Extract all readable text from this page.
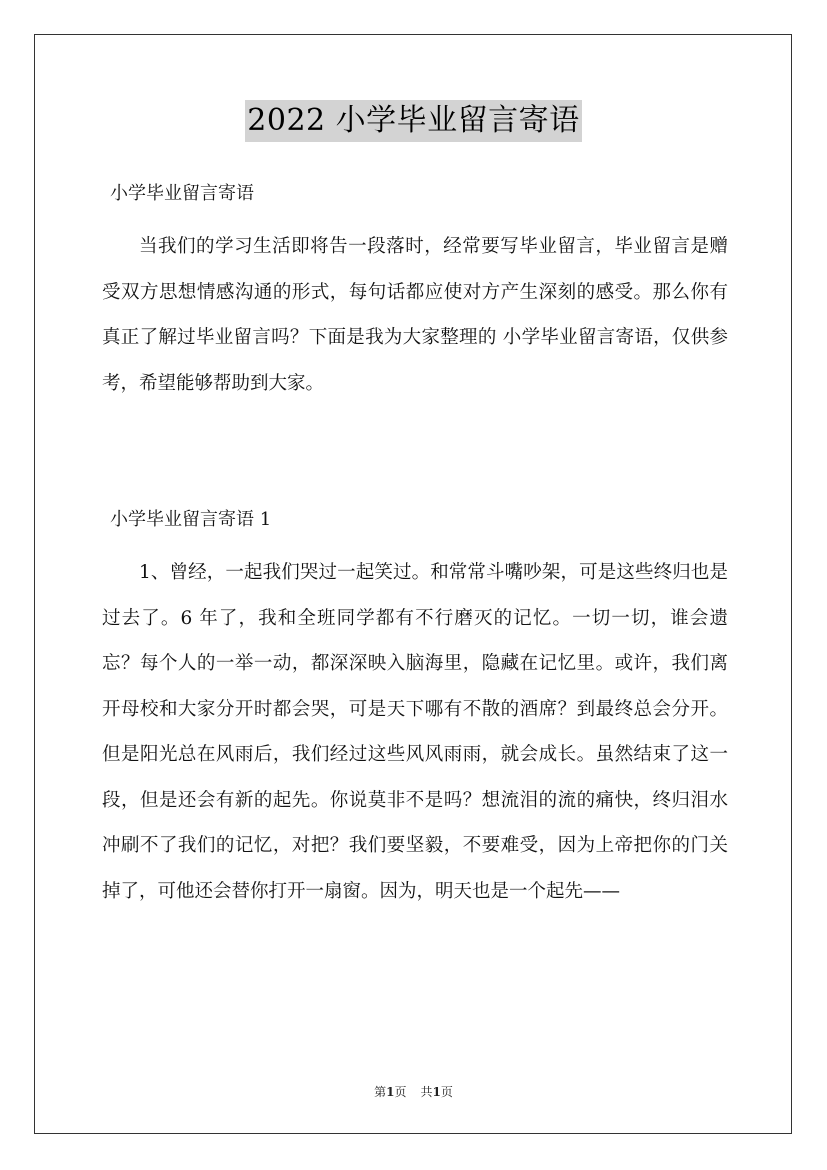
2022 小学毕业留言寄语
小学毕业留言寄语

当我们的学习生活即将告一段落时，经常要写毕业留言，毕业留言是赠受双方思想情感沟通的形式，每句话都应使对方产生深刻的感受。那么你有真正了解过毕业留言吗？下面是我为大家整理的 小学毕业留言寄语，仅供参考，希望能够帮助到大家。

小学毕业留言寄语 1

1、曾经，一起我们哭过一起笑过。和常常斗嘴吵架，可是这些终归也是过去了。6 年了，我和全班同学都有不行磨灭的记忆。一切一切，谁会遗忘？每个人的一举一动，都深深映入脑海里，隐藏在记忆里。或许，我们离开母校和大家分开时都会哭，可是天下哪有不散的酒席？到最终总会分开。但是阳光总在风雨后，我们经过这些风风雨雨，就会成长。虽然结束了这一段，但是还会有新的起先。你说莫非不是吗？想流泪的流的痛快，终归泪水冲刷不了我们的记忆，对把？我们要坚毅，不要难受，因为上帝把你的门关掉了，可他还会替你打开一扇窗。因为，明天也是一个起先——

第1页 共1页
